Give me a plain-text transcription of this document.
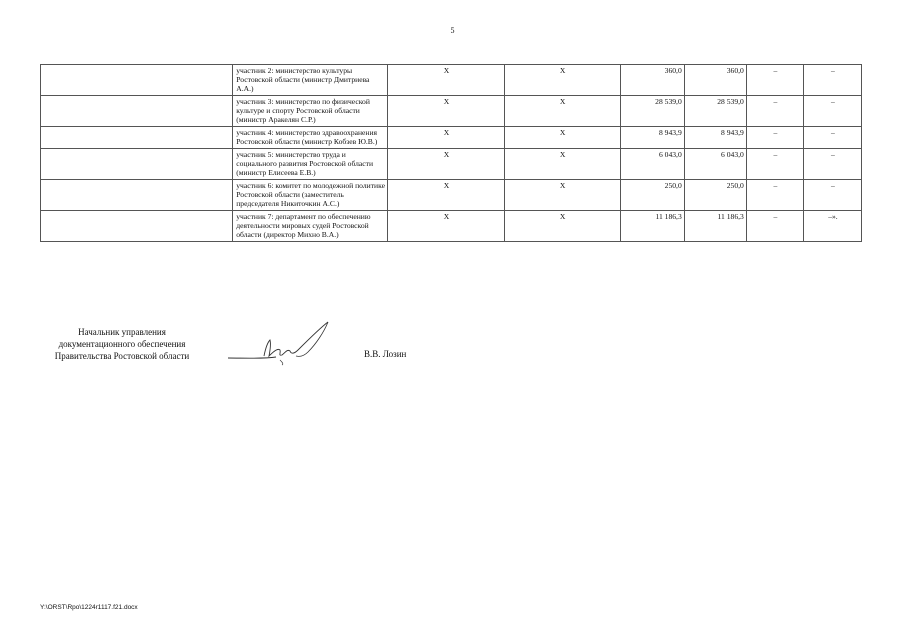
5
	участник 2: министерство культуры Ростовской области (министр Дмитриева А.А.)	Х	Х	360,0	360,0	–	–
	участник 3: министерство по физической культуре и спорту Ростовской области (министр Аракелян С.Р.)	Х	Х	28 539,0	28 539,0	–	–
	участник 4: министерство здравоохранения Ростовской области (министр Кобзев Ю.В.)	Х	Х	8 943,9	8 943,9	–	–
	участник 5: министерство труда и социального развития Ростовской области (министр Елисеева Е.В.)	Х	Х	6 043,0	6 043,0	–	–
	участник 6: комитет по молодежной политике Ростовской области (заместитель председателя Никиточкин А.С.)	Х	Х	250,0	250,0	–	–
	участник 7: департамент по обеспечению деятельности мировых судей Ростовской области (директор Михно В.А.)	Х	Х	11 186,3	11 186,3	–	–».
Начальник управления
документационного обеспечения
Правительства Ростовской области	В.В. Лозин
Y:\ORST\Rpo\1224r1117.f21.docx
